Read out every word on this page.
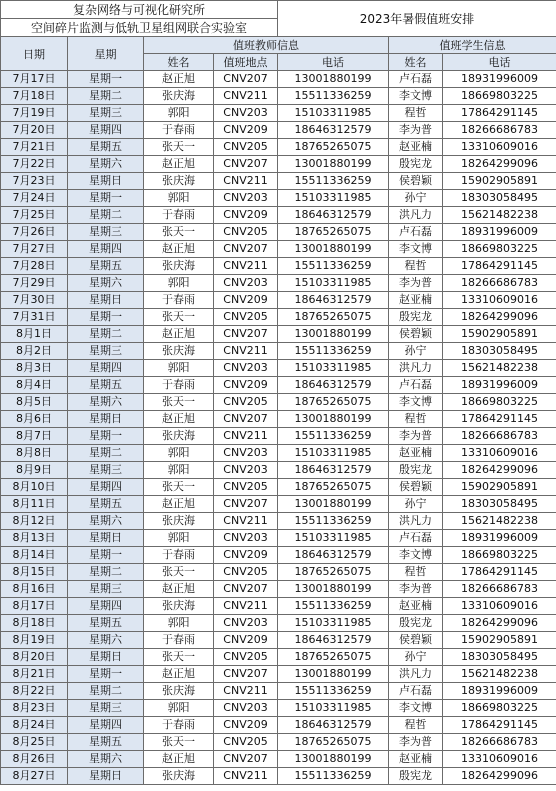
复杂网络与可视化研究所				2023年暑假值班安排		
空间碎片监测与低轨卫星组网联合实验室						
日期	星期	值班教师信息			值班学生信息	
		姓名	值班地点	电话	姓名	电话
7月17日	星期一	赵正旭	CNV207	13001880199	卢石磊	18931996009
7月18日	星期二	张庆海	CNV211	15511336259	李文博	18669803225
7月19日	星期三	郭阳	CNV203	15103311985	程哲	17864291145
7月20日	星期四	于春雨	CNV209	18646312579	李为普	18266686783
7月21日	星期五	张天一	CNV205	18765265075	赵亚楠	13310609016
7月22日	星期六	赵正旭	CNV207	13001880199	殷宪龙	18264299096
7月23日	星期日	张庆海	CNV211	15511336259	侯碧颖	15902905891
7月24日	星期一	郭阳	CNV203	15103311985	孙宁	18303058495
7月25日	星期二	于春雨	CNV209	18646312579	洪凡力	15621482238
7月26日	星期三	张天一	CNV205	18765265075	卢石磊	18931996009
7月27日	星期四	赵正旭	CNV207	13001880199	李文博	18669803225
7月28日	星期五	张庆海	CNV211	15511336259	程哲	17864291145
7月29日	星期六	郭阳	CNV203	15103311985	李为普	18266686783
7月30日	星期日	于春雨	CNV209	18646312579	赵亚楠	13310609016
7月31日	星期一	张天一	CNV205	18765265075	殷宪龙	18264299096
8月1日	星期二	赵正旭	CNV207	13001880199	侯碧颖	15902905891
8月2日	星期三	张庆海	CNV211	15511336259	孙宁	18303058495
8月3日	星期四	郭阳	CNV203	15103311985	洪凡力	15621482238
8月4日	星期五	于春雨	CNV209	18646312579	卢石磊	18931996009
8月5日	星期六	张天一	CNV205	18765265075	李文博	18669803225
8月6日	星期日	赵正旭	CNV207	13001880199	程哲	17864291145
8月7日	星期一	张庆海	CNV211	15511336259	李为普	18266686783
8月8日	星期二	郭阳	CNV203	15103311985	赵亚楠	13310609016
8月9日	星期三	郭阳	CNV203	18646312579	殷宪龙	18264299096
8月10日	星期四	张天一	CNV205	18765265075	侯碧颖	15902905891
8月11日	星期五	赵正旭	CNV207	13001880199	孙宁	18303058495
8月12日	星期六	张庆海	CNV211	15511336259	洪凡力	15621482238
8月13日	星期日	郭阳	CNV203	15103311985	卢石磊	18931996009
8月14日	星期一	于春雨	CNV209	18646312579	李文博	18669803225
8月15日	星期二	张天一	CNV205	18765265075	程哲	17864291145
8月16日	星期三	赵正旭	CNV207	13001880199	李为普	18266686783
8月17日	星期四	张庆海	CNV211	15511336259	赵亚楠	13310609016
8月18日	星期五	郭阳	CNV203	15103311985	殷宪龙	18264299096
8月19日	星期六	于春雨	CNV209	18646312579	侯碧颖	15902905891
8月20日	星期日	张天一	CNV205	18765265075	孙宁	18303058495
8月21日	星期一	赵正旭	CNV207	13001880199	洪凡力	15621482238
8月22日	星期二	张庆海	CNV211	15511336259	卢石磊	18931996009
8月23日	星期三	郭阳	CNV203	15103311985	李文博	18669803225
8月24日	星期四	于春雨	CNV209	18646312579	程哲	17864291145
8月25日	星期五	张天一	CNV205	18765265075	李为普	18266686783
8月26日	星期六	赵正旭	CNV207	13001880199	赵亚楠	13310609016
8月27日	星期日	张庆海	CNV211	15511336259	殷宪龙	18264299096
